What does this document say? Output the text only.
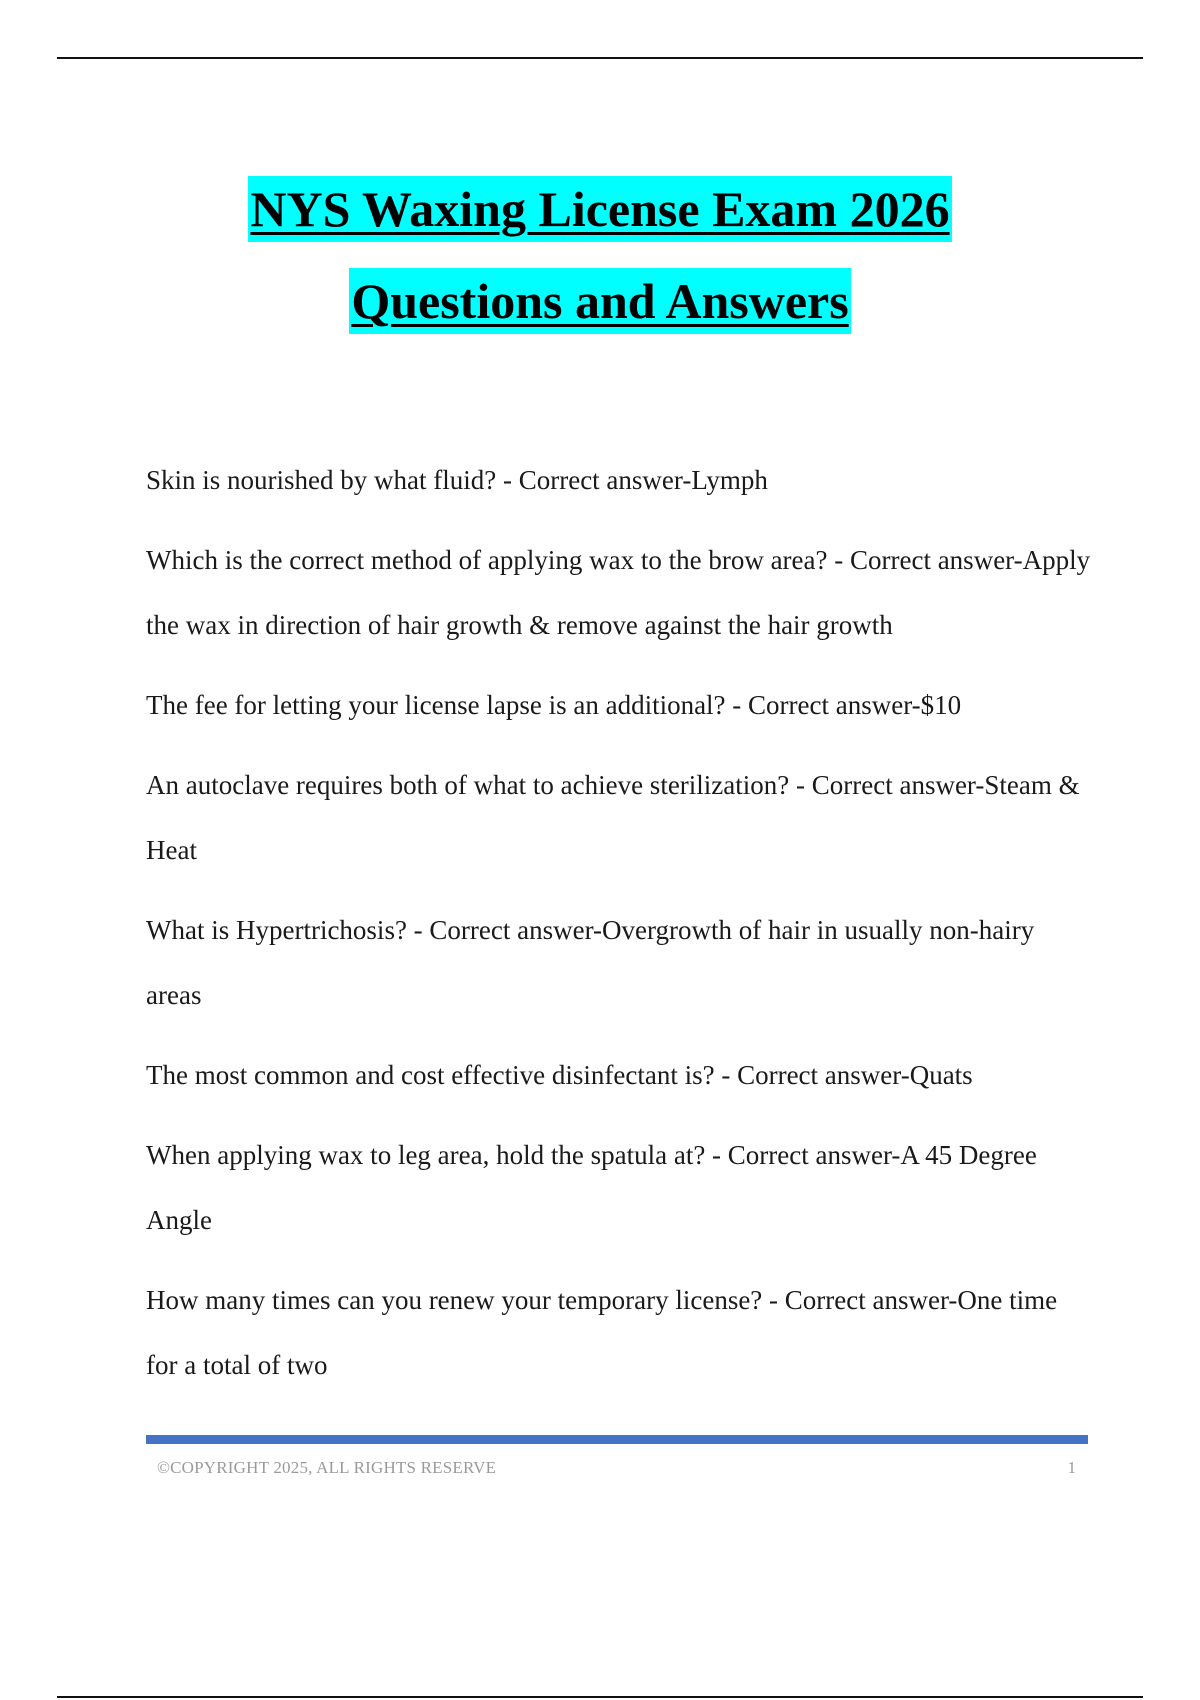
NYS Waxing License Exam 2026
Questions and Answers

Skin is nourished by what fluid? - Correct answer-Lymph

Which is the correct method of applying wax to the brow area? - Correct answer-Apply the wax in direction of hair growth & remove against the hair growth

The fee for letting your license lapse is an additional? - Correct answer-$10

An autoclave requires both of what to achieve sterilization? - Correct answer-Steam & Heat

What is Hypertrichosis? - Correct answer-Overgrowth of hair in usually non-hairy areas

The most common and cost effective disinfectant is? - Correct answer-Quats

When applying wax to leg area, hold the spatula at? - Correct answer-A 45 Degree Angle

How many times can you renew your temporary license? - Correct answer-One time for a total of two

©COPYRIGHT 2025, ALL RIGHTS RESERVE	1
